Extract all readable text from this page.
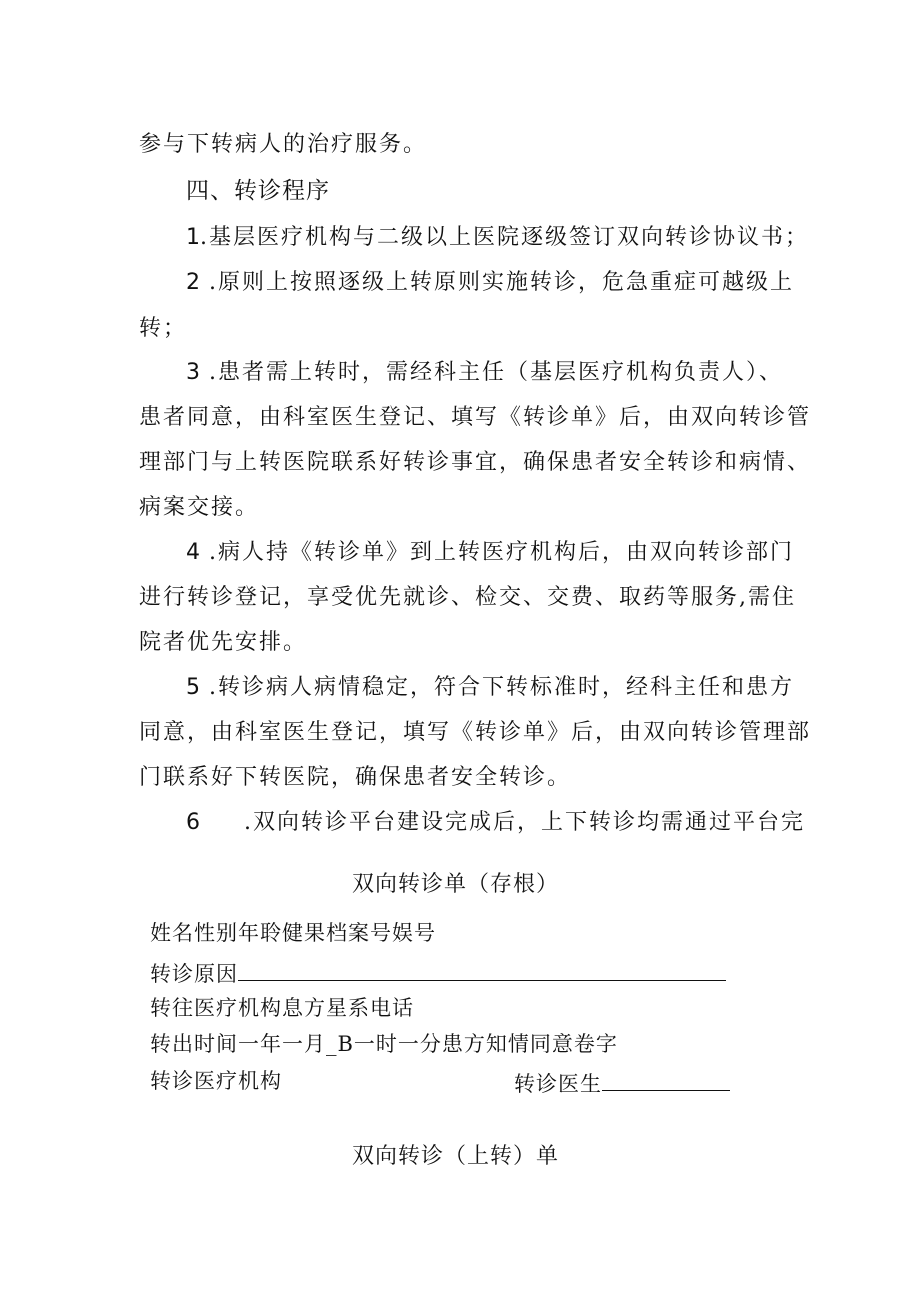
参与下转病人的治疗服务。
四、转诊程序
1.基层医疗机构与二级以上医院逐级签订双向转诊协议书；
2 .原则上按照逐级上转原则实施转诊，危急重症可越级上
转；
3 .患者需上转时，需经科主任（基层医疗机构负责人）、
患者同意，由科室医生登记、填写《转诊单》后，由双向转诊管
理部门与上转医院联系好转诊事宜，确保患者安全转诊和病情、
病案交接。
4 .病人持《转诊单》到上转医疗机构后，由双向转诊部门
进行转诊登记，享受优先就诊、检交、交费、取药等服务,需住
院者优先安排。
5 .转诊病人病情稳定，符合下转标准时，经科主任和患方
同意，由科室医生登记，填写《转诊单》后，由双向转诊管理部
门联系好下转医院，确保患者安全转诊。
6 .双向转诊平台建设完成后，上下转诊均需通过平台完
双向转诊单（存根）
姓名性别年聆健果档案号娱号
转诊原因
转往医疗机构息方星系电话
转出时间一年一月_B一时一分患方知情同意卷字
转诊医疗机构	转诊医生
双向转诊（上转）单
